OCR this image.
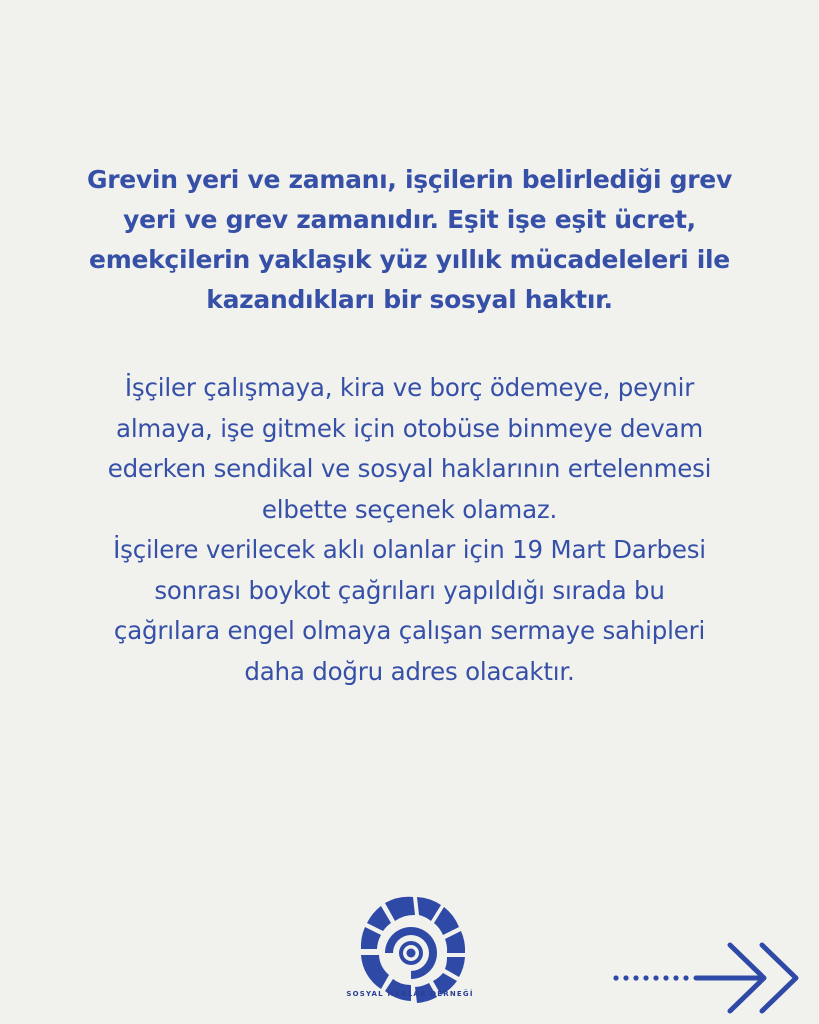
Grevin yeri ve zamanı, işçilerin belirlediği grev
yeri ve grev zamanıdır. Eşit işe eşit ücret,
emekçilerin yaklaşık yüz yıllık mücadeleleri ile
kazandıkları bir sosyal haktır.

İşçiler çalışmaya, kira ve borç ödemeye, peynir
almaya, işe gitmek için otobüse binmeye devam
ederken sendikal ve sosyal haklarının ertelenmesi
elbette seçenek olamaz.
İşçilere verilecek aklı olanlar için 19 Mart Darbesi
sonrası boykot çağrıları yapıldığı sırada bu
çağrılara engel olmaya çalışan sermaye sahipleri
daha doğru adres olacaktır.

SOSYAL HAKLAR DERNEĞİ
